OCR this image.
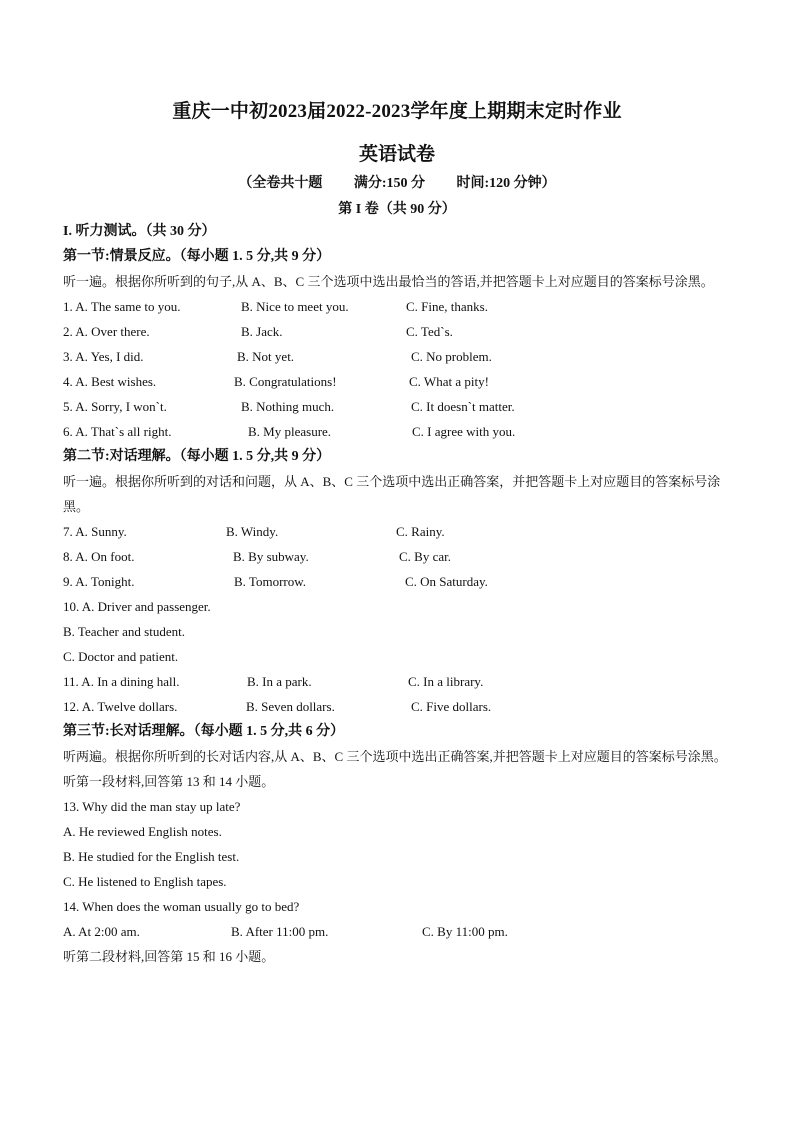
重庆一中初2023届2022-2023学年度上期期末定时作业
英语试卷
（全卷共十题 满分:150 分 时间:120 分钟）
第 I 卷（共 90 分）
I. 听力测试。（共 30 分）
第一节:情景反应。（每小题 1. 5 分,共 9 分）
听一遍。根据你所听到的句子,从 A、B、C 三个选项中选出最恰当的答语,并把答题卡上对应题目的答案标号涂黑。
1. A. The same to you.	B. Nice to meet you.	C. Fine, thanks.
2. A. Over there.	B. Jack.	C. Ted`s.
3. A. Yes, I did.	B. Not yet.	C. No problem.
4. A. Best wishes.	B. Congratulations!	C. What a pity!
5. A. Sorry, I won`t.	B. Nothing much.	C. It doesn`t matter.
6. A. That`s all right.	B. My pleasure.	C. I agree with you.
第二节:对话理解。（每小题 1. 5 分,共 9 分）
听一遍。根据你所听到的对话和问题，从 A、B、C 三个选项中选出正确答案，并把答题卡上对应题目的答案标号涂黑。
7. A. Sunny.	B. Windy.	C. Rainy.
8. A. On foot.	B. By subway.	C. By car.
9. A. Tonight.	B. Tomorrow.	C. On Saturday.
10. A. Driver and passenger.
B. Teacher and student.
C. Doctor and patient.
11. A. In a dining hall.	B. In a park.	C. In a library.
12. A. Twelve dollars.	B. Seven dollars.	C. Five dollars.
第三节:长对话理解。（每小题 1. 5 分,共 6 分）
听两遍。根据你所听到的长对话内容,从 A、B、C 三个选项中选出正确答案,并把答题卡上对应题目的答案标号涂黑。
听第一段材料,回答第 13 和 14 小题。
13. Why did the man stay up late?
A. He reviewed English notes.
B. He studied for the English test.
C. He listened to English tapes.
14. When does the woman usually go to bed?
A. At 2:00 am.	B. After 11:00 pm.	C. By 11:00 pm.
听第二段材料,回答第 15 和 16 小题。
